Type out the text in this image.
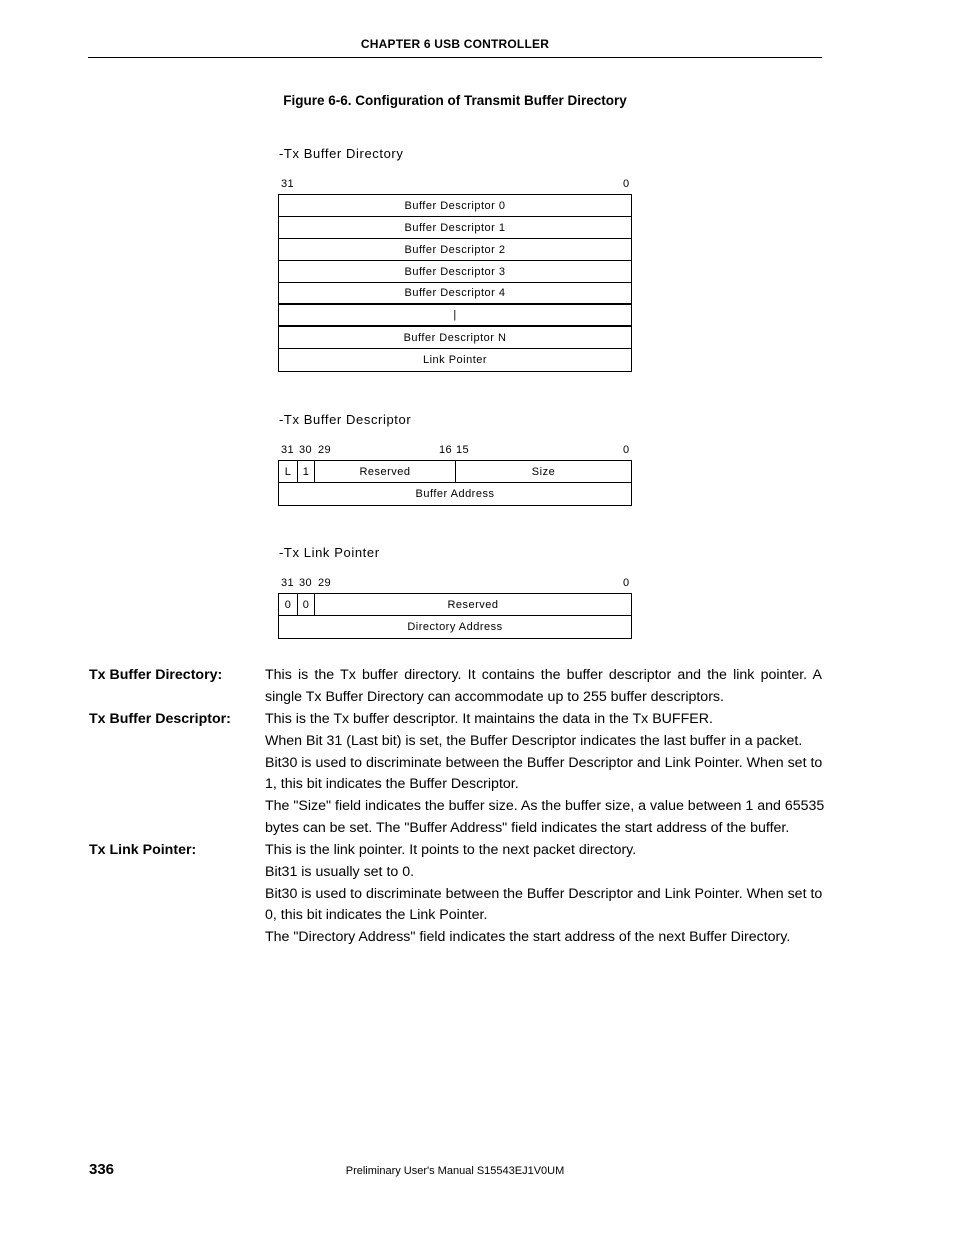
CHAPTER 6 USB CONTROLLER
Figure 6-6. Configuration of Transmit Buffer Directory
-Tx Buffer Directory
31	0
Buffer Descriptor 0
Buffer Descriptor 1
Buffer Descriptor 2
Buffer Descriptor 3
Buffer Descriptor 4
|
Buffer Descriptor N
Link Pointer
-Tx Buffer Descriptor
31 30 29	16 15	0
L	1	Reserved	Size
Buffer Address
-Tx Link Pointer
31 30 29	0
0	0	Reserved
Directory Address
Tx Buffer Directory:	This is the Tx buffer directory. It contains the buffer descriptor and the link pointer. A
single Tx Buffer Directory can accommodate up to 255 buffer descriptors.
Tx Buffer Descriptor: This is the Tx buffer descriptor. It maintains the data in the Tx BUFFER.
When Bit 31 (Last bit) is set, the Buffer Descriptor indicates the last buffer in a packet.
Bit30 is used to discriminate between the Buffer Descriptor and Link Pointer. When set to
1, this bit indicates the Buffer Descriptor.
The "Size" field indicates the buffer size. As the buffer size, a value between 1 and 65535
bytes can be set. The "Buffer Address" field indicates the start address of the buffer.
Tx Link Pointer:	This is the link pointer. It points to the next packet directory.
Bit31 is usually set to 0.
Bit30 is used to discriminate between the Buffer Descriptor and Link Pointer. When set to
0, this bit indicates the Link Pointer.
The "Directory Address" field indicates the start address of the next Buffer Directory.
336	Preliminary User's Manual S15543EJ1V0UM
